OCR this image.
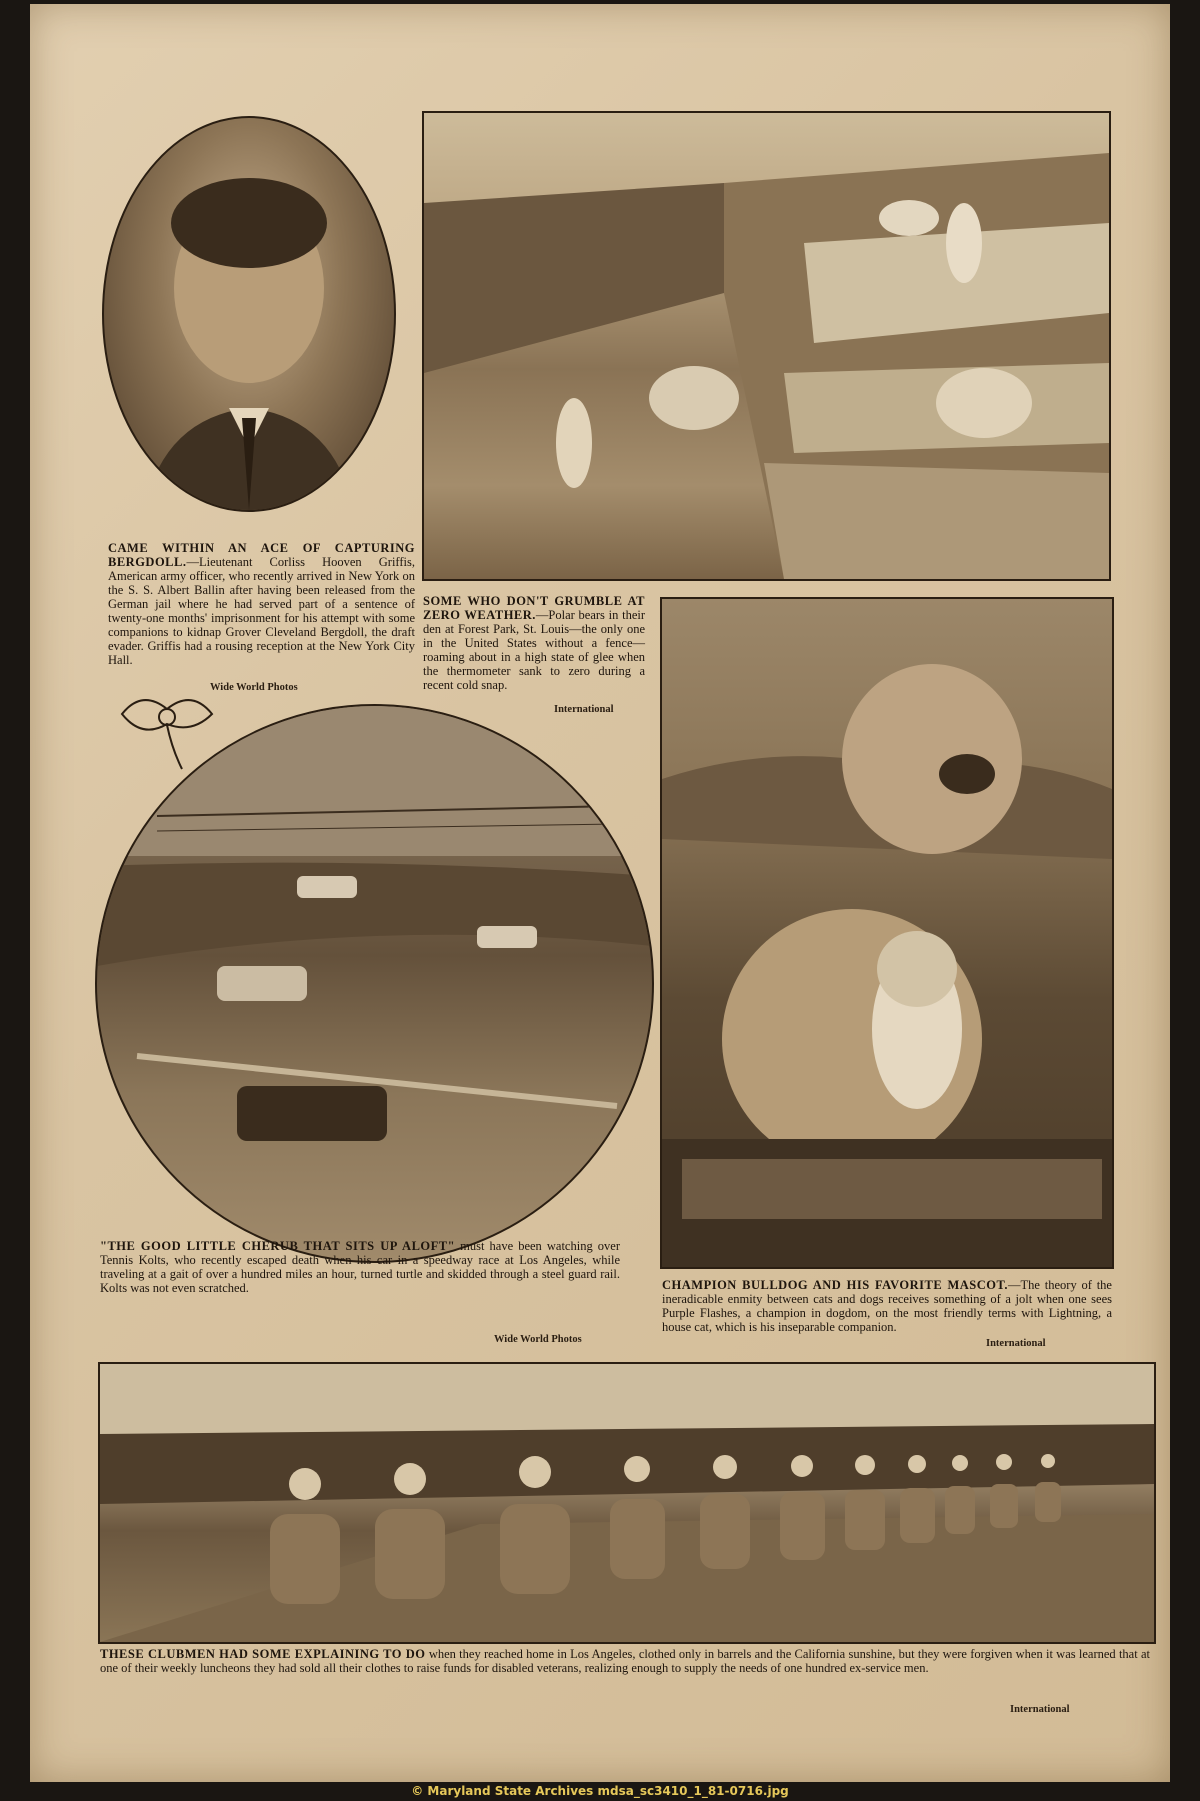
CAME WITHIN AN ACE OF CAPTURING BERGDOLL.—Lieutenant Corliss Hooven Griffis, American army officer, who recently arrived in New York on the S. S. Albert Ballin after having been released from the German jail where he had served part of a sentence of twenty-one months' imprisonment for his attempt with some companions to kidnap Grover Cleveland Bergdoll, the draft evader. Griffis had a rousing reception at the New York City Hall.
Wide World Photos
SOME WHO DON'T GRUMBLE AT ZERO WEATHER.—Polar bears in their den at Forest Park, St. Louis—the only one in the United States without a fence—roaming about in a high state of glee when the thermometer sank to zero during a recent cold snap.
International
"THE GOOD LITTLE CHERUB THAT SITS UP ALOFT" must have been watching over Tennis Kolts, who recently escaped death when his car in a speedway race at Los Angeles, while traveling at a gait of over a hundred miles an hour, turned turtle and skidded through a steel guard rail. Kolts was not even scratched.
Wide World Photos
CHAMPION BULLDOG AND HIS FAVORITE MASCOT.—The theory of the ineradicable enmity between cats and dogs receives something of a jolt when one sees Purple Flashes, a champion in dogdom, on the most friendly terms with Lightning, a house cat, which is his inseparable companion.
International
THESE CLUBMEN HAD SOME EXPLAINING TO DO when they reached home in Los Angeles, clothed only in barrels and the California sunshine, but they were forgiven when it was learned that at one of their weekly luncheons they had sold all their clothes to raise funds for disabled veterans, realizing enough to supply the needs of one hundred ex-service men.
International
© Maryland State Archives mdsa_sc3410_1_81-0716.jpg
